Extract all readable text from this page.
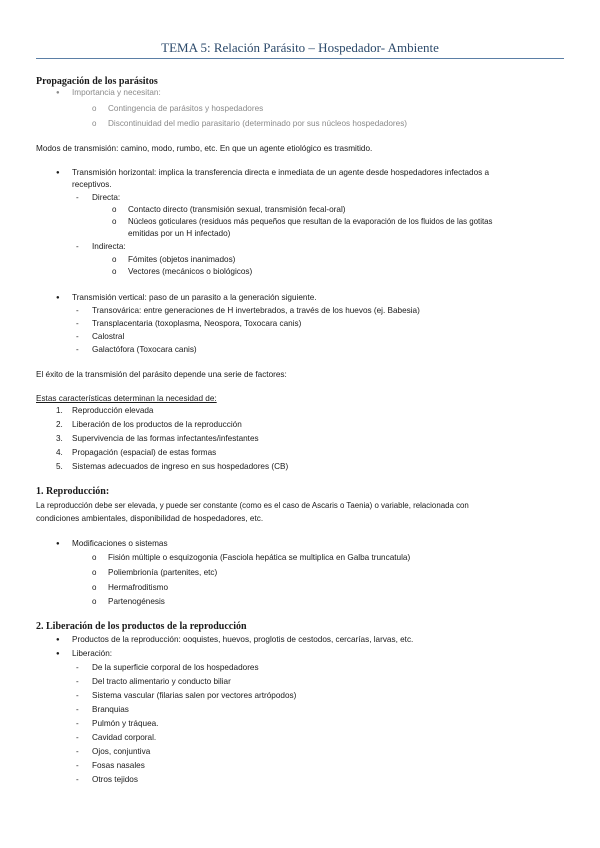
TEMA 5: Relación Parásito – Hospedador- Ambiente
Propagación de los parásitos
● Importancia y necesitan:
o Contingencia de parásitos y hospedadores
o Discontinuidad del medio parasitario (determinado por sus núcleos hospedadores)
Modos de transmisión: camino, modo, rumbo, etc. En que un agente etiológico es trasmitido.
● Transmisión horizontal: implica la transferencia directa e inmediata de un agente desde hospedadores infectados a
receptivos.
- Directa:
o Contacto directo (transmisión sexual, transmisión fecal-oral)
o Núcleos goticulares (residuos más pequeños que resultan de la evaporación de los fluidos de las gotitas
emitidas por un H infectado)
- Indirecta:
o Fómites (objetos inanimados)
o Vectores (mecánicos o biológicos)
● Transmisión vertical: paso de un parasito a la generación siguiente.
- Transovárica: entre generaciones de H invertebrados, a través de los huevos (ej. Babesia)
- Transplacentaria (toxoplasma, Neospora, Toxocara canis)
- Calostral
- Galactófora (Toxocara canis)
El éxito de la transmisión del parásito depende una serie de factores:
Estas características determinan la necesidad de:
1. Reproducción elevada
2. Liberación de los productos de la reproducción
3. Supervivencia de las formas infectantes/infestantes
4. Propagación (espacial) de estas formas
5. Sistemas adecuados de ingreso en sus hospedadores (CB)
1. Reproducción:
La reproducción debe ser elevada, y puede ser constante (como es el caso de Ascaris o Taenia) o variable, relacionada con
condiciones ambientales, disponibilidad de hospedadores, etc.
● Modificaciones o sistemas
o Fisión múltiple o esquizogonia (Fasciola hepática se multiplica en Galba truncatula)
o Poliembrionía (partenites, etc)
o Hermafroditismo
o Partenogénesis
2. Liberación de los productos de la reproducción
● Productos de la reproducción: ooquistes, huevos, proglotis de cestodos, cercarías, larvas, etc.
● Liberación:
- De la superficie corporal de los hospedadores
- Del tracto alimentario y conducto biliar
- Sistema vascular (filarias salen por vectores artrópodos)
- Branquias
- Pulmón y tráquea.
- Cavidad corporal.
- Ojos, conjuntiva
- Fosas nasales
- Otros tejidos
